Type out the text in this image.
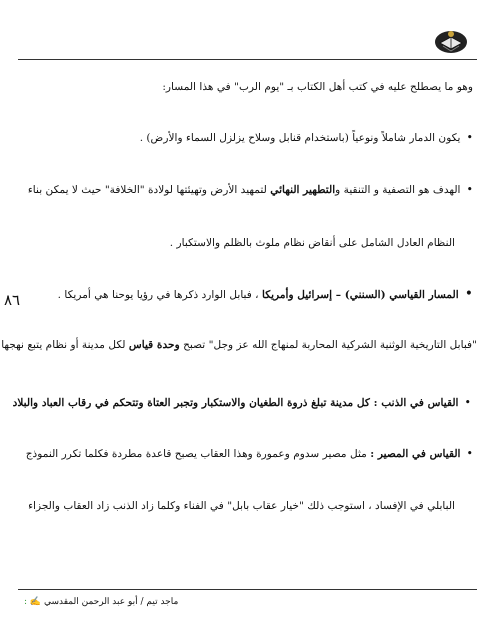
وهو ما يصطلح عليه في كتب أهل الكتاب بـ "يوم الرب" في هذا المسار:
•يكون الدمار شاملاً ونوعياً (باستخدام قنابل وسلاح يزلزل السماء والأرض) .
•الهدف هو التصفية و التنقية والتطهير النهائي لتمهيد الأرض وتهيئتها لولادة "الخلافة" حيث لا يمكن بناء
النظام العادل الشامل على أنقاض نظام ملوث بالظلم والاستكبار .
•المسار القياسي (السنني) – إسرائيل وأمريكا ، فبابل الوارد ذكرها في رؤيا يوحنا هي أمريكا .
٨٦
"فبابل التاريخية الوثنية الشركية المحاربة لمنهاج الله عز وجل" تصبح وحدة قياس لكل مدينة أو نظام يتبع نهجها
•القياس في الذنب : كل مدينة تبلغ ذروة الطغيان والاستكبار وتجبر العتاة وتتحكم في رقاب العباد والبلاد
•القياس في المصير : مثل مصير سدوم وعمورة وهذا العقاب يصبح قاعدة مطردة فكلما تكرر النموذج
البابلي في الإفساد ، استوجب ذلك "خيار عقاب بابل" في الفناء وكلما زاد الذنب زاد العقاب والجزاء
ماجد تيم / أبو عبد الرحمن المقدسي ✍ :
